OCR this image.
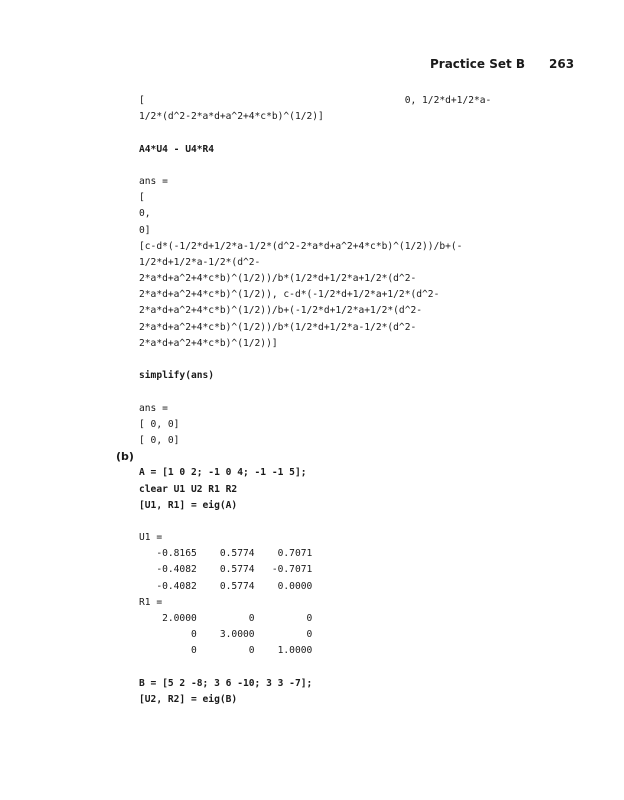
Practice Set B 263
(b)
[                                             0, 1/2*d+1/2*a-
1/2*(d^2-2*a*d+a^2+4*c*b)^(1/2)]
A4*U4 - U4*R4
ans =
[
0,
0]
[c-d*(-1/2*d+1/2*a-1/2*(d^2-2*a*d+a^2+4*c*b)^(1/2))/b+(-
1/2*d+1/2*a-1/2*(d^2-
2*a*d+a^2+4*c*b)^(1/2))/b*(1/2*d+1/2*a+1/2*(d^2-
2*a*d+a^2+4*c*b)^(1/2)), c-d*(-1/2*d+1/2*a+1/2*(d^2-
2*a*d+a^2+4*c*b)^(1/2))/b+(-1/2*d+1/2*a+1/2*(d^2-
2*a*d+a^2+4*c*b)^(1/2))/b*(1/2*d+1/2*a-1/2*(d^2-
2*a*d+a^2+4*c*b)^(1/2))]
simplify(ans)
ans =
[ 0, 0]
[ 0, 0]
A = [1 0 2; -1 0 4; -1 -1 5];
clear U1 U2 R1 R2
[U1, R1] = eig(A)
U1 =
-0.8165    0.5774    0.7071
-0.4082    0.5774   -0.7071
-0.4082    0.5774    0.0000
R1 =
2.0000         0         0
0    3.0000         0
0         0    1.0000
B = [5 2 -8; 3 6 -10; 3 3 -7];
[U2, R2] = eig(B)
